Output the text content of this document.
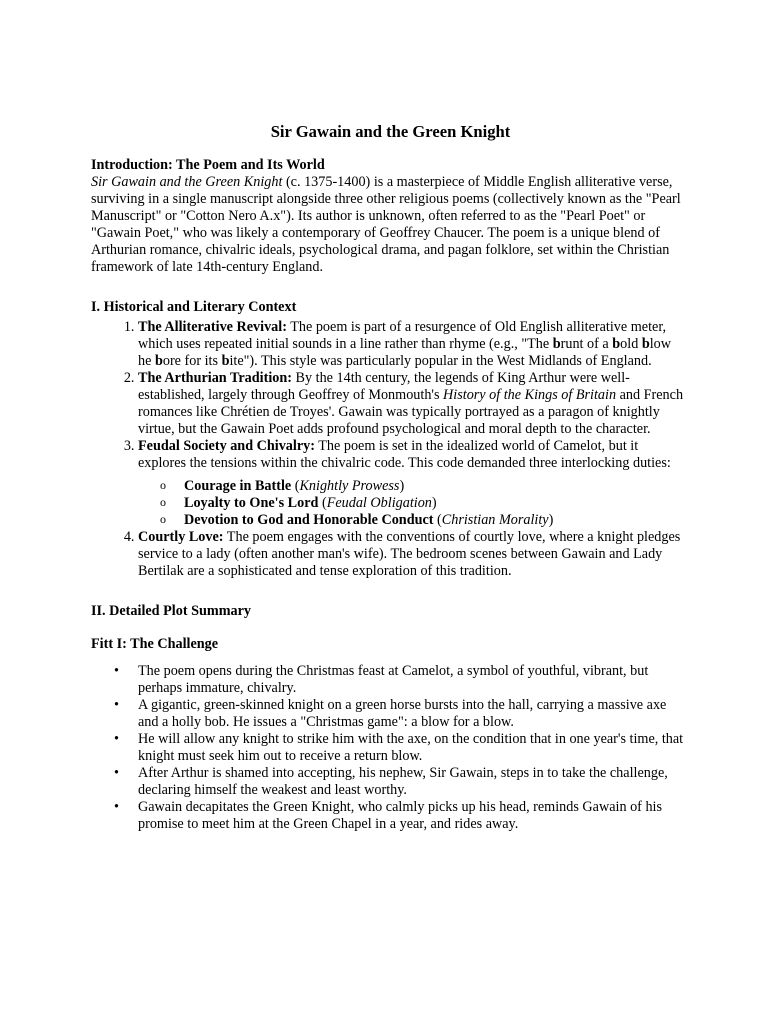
Sir Gawain and the Green Knight

Introduction: The Poem and Its World

Sir Gawain and the Green Knight (c. 1375-1400) is a masterpiece of Middle English alliterative verse, surviving in a single manuscript alongside three other religious poems (collectively known as the "Pearl Manuscript" or "Cotton Nero A.x"). Its author is unknown, often referred to as the "Pearl Poet" or "Gawain Poet," who was likely a contemporary of Geoffrey Chaucer. The poem is a unique blend of Arthurian romance, chivalric ideals, psychological drama, and pagan folklore, set within the Christian framework of late 14th-century England.

I. Historical and Literary Context

1. The Alliterative Revival: The poem is part of a resurgence of Old English alliterative meter, which uses repeated initial sounds in a line rather than rhyme (e.g., "The brunt of a bold blow he bore for its bite"). This style was particularly popular in the West Midlands of England.
2. The Arthurian Tradition: By the 14th century, the legends of King Arthur were well-established, largely through Geoffrey of Monmouth's History of the Kings of Britain and French romances like Chrétien de Troyes'. Gawain was typically portrayed as a paragon of knightly virtue, but the Gawain Poet adds profound psychological and moral depth to the character.
3. Feudal Society and Chivalry: The poem is set in the idealized world of Camelot, but it explores the tensions within the chivalric code. This code demanded three interlocking duties:
o Courage in Battle (Knightly Prowess)
o Loyalty to One's Lord (Feudal Obligation)
o Devotion to God and Honorable Conduct (Christian Morality)
4. Courtly Love: The poem engages with the conventions of courtly love, where a knight pledges service to a lady (often another man's wife). The bedroom scenes between Gawain and Lady Bertilak are a sophisticated and tense exploration of this tradition.

II. Detailed Plot Summary

Fitt I: The Challenge

• The poem opens during the Christmas feast at Camelot, a symbol of youthful, vibrant, but perhaps immature, chivalry.
• A gigantic, green-skinned knight on a green horse bursts into the hall, carrying a massive axe and a holly bob. He issues a "Christmas game": a blow for a blow.
• He will allow any knight to strike him with the axe, on the condition that in one year's time, that knight must seek him out to receive a return blow.
• After Arthur is shamed into accepting, his nephew, Sir Gawain, steps in to take the challenge, declaring himself the weakest and least worthy.
• Gawain decapitates the Green Knight, who calmly picks up his head, reminds Gawain of his promise to meet him at the Green Chapel in a year, and rides away.
